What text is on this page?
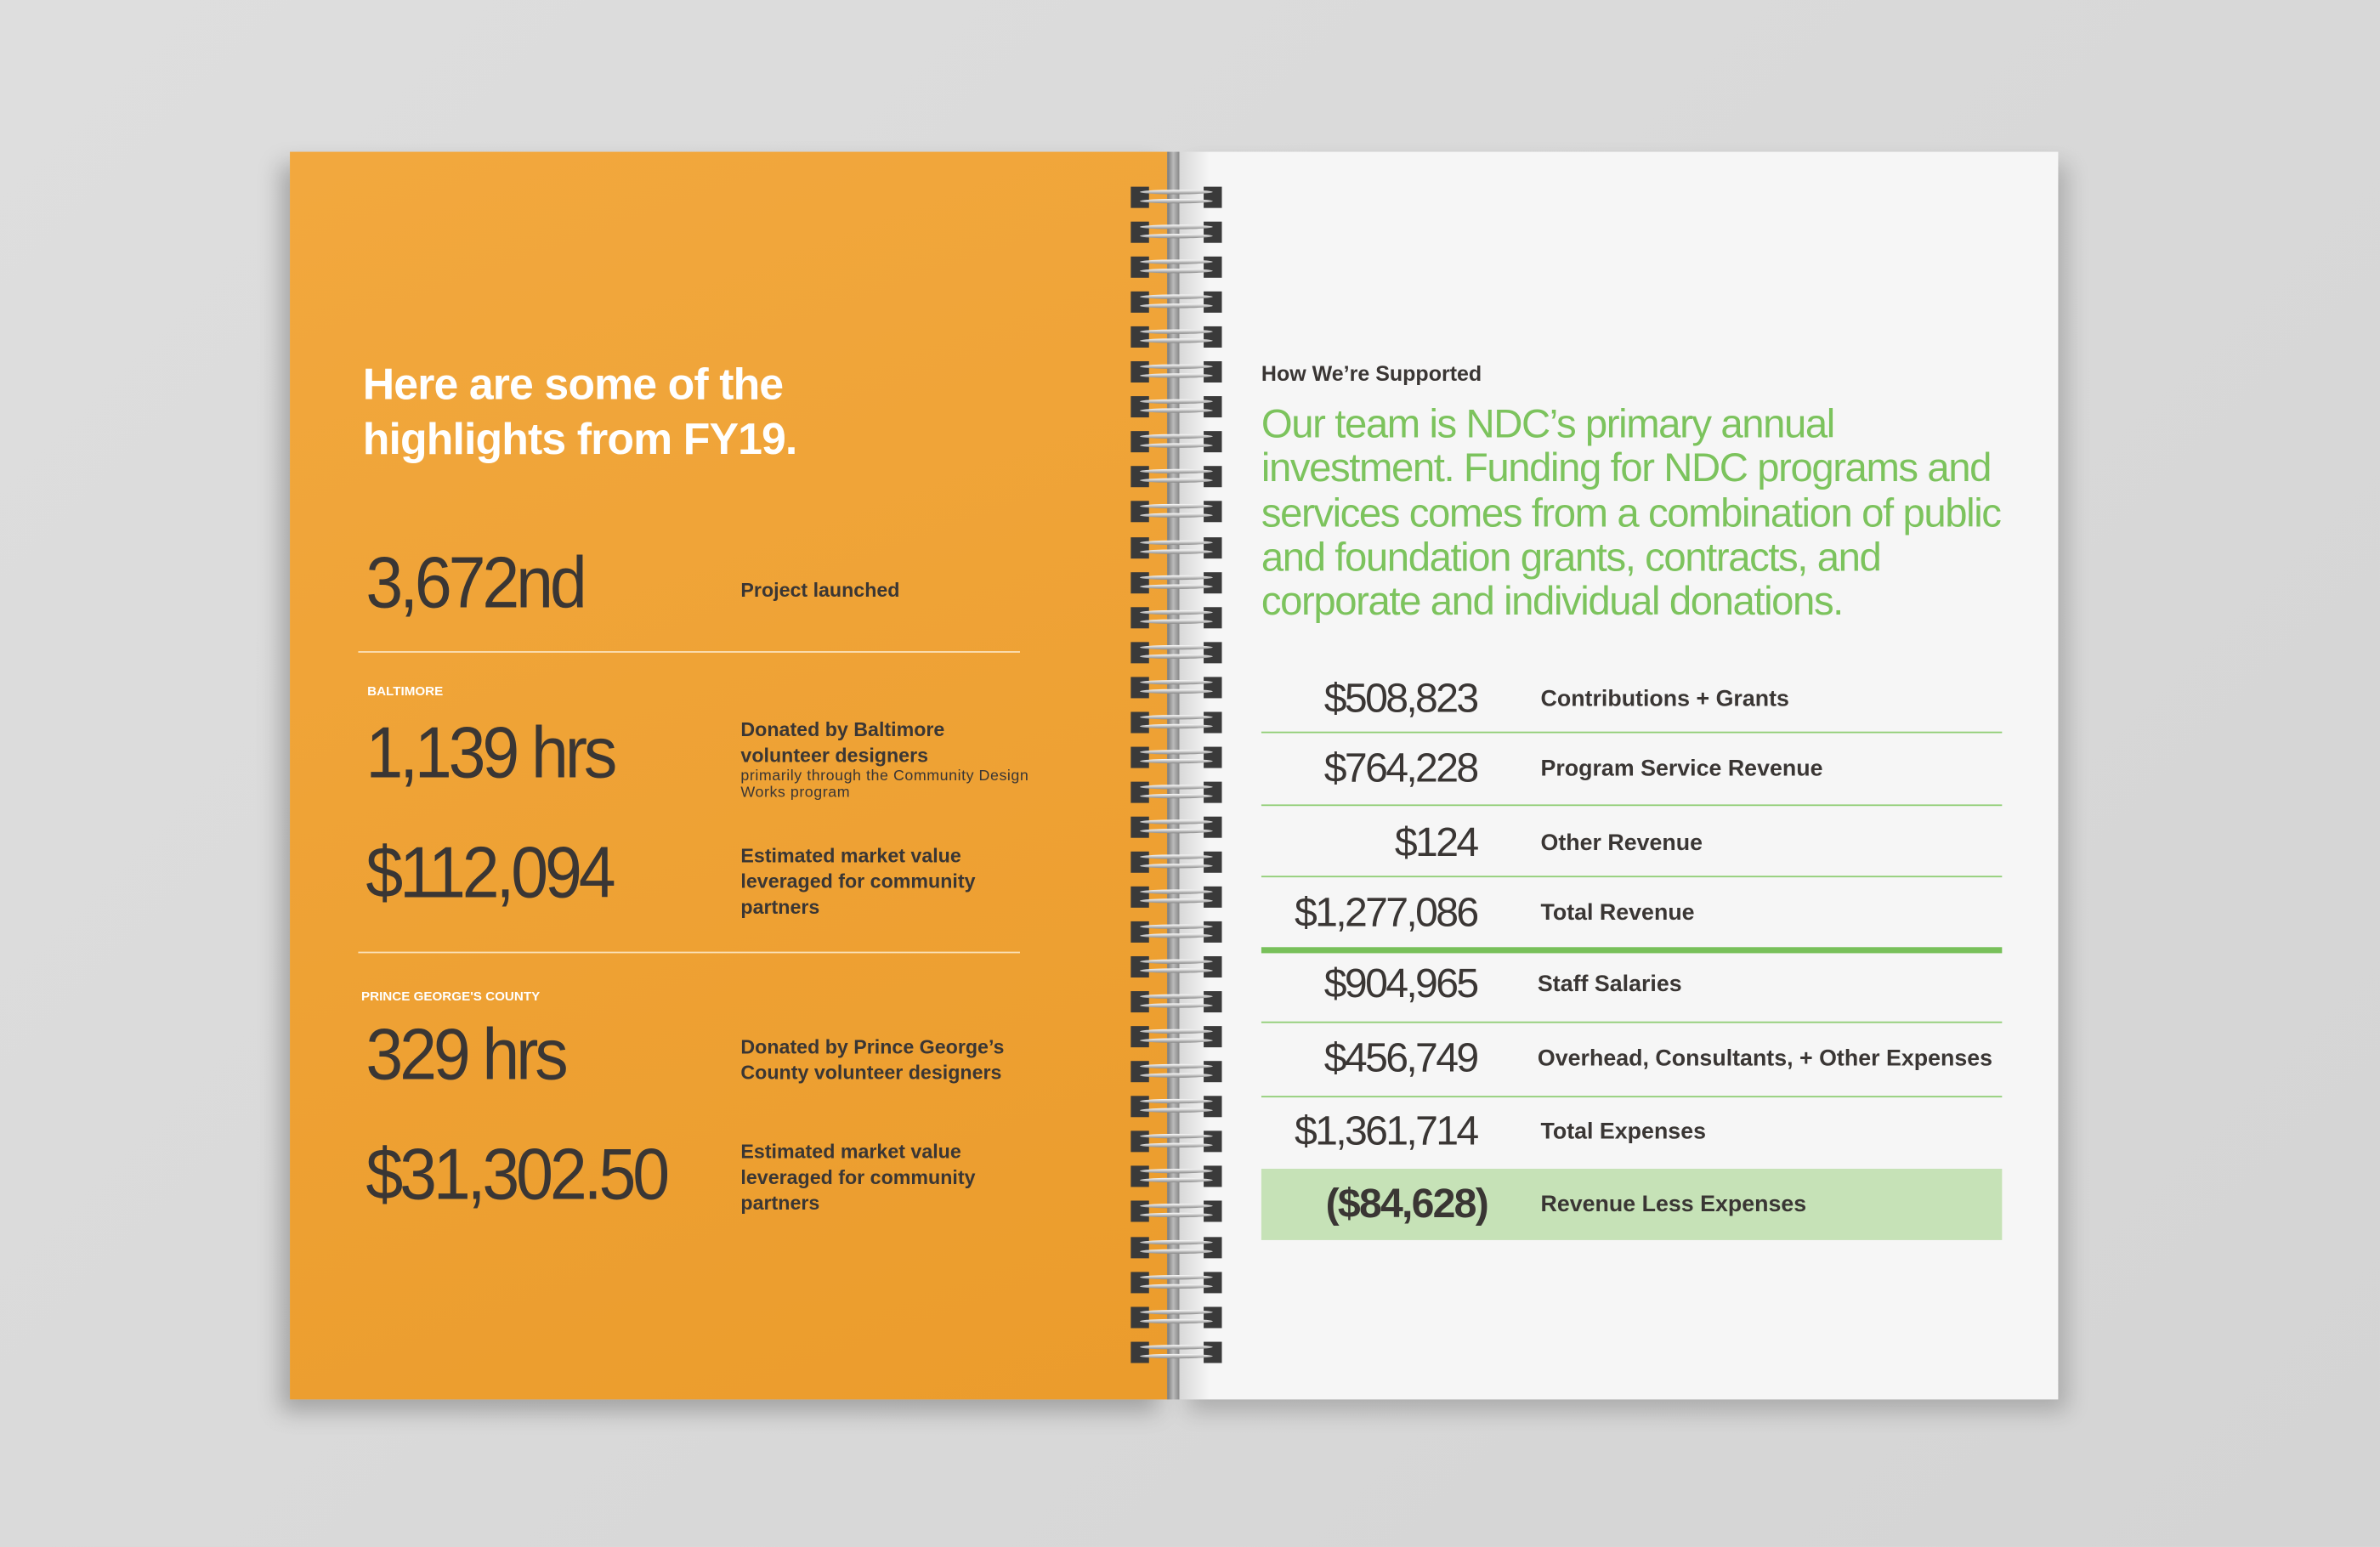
Here are some of the
highlights from FY19.
3,672nd	Project launched
BALTIMORE
1,139 hrs	Donated by Baltimore volunteer designers
primarily through the Community Design Works program
$112,094	Estimated market value leveraged for community partners
PRINCE GEORGE'S COUNTY
329 hrs	Donated by Prince George’s County volunteer designers
$31,302.50	Estimated market value leveraged for community partners
How We’re Supported
Our team is NDC’s primary annual investment. Funding for NDC programs and services comes from a combination of public and foundation grants, contracts, and corporate and individual donations.
$508,823	Contributions + Grants
$764,228	Program Service Revenue
$124	Other Revenue
$1,277,086	Total Revenue
$904,965	Staff Salaries
$456,749	Overhead, Consultants, + Other Expenses
$1,361,714	Total Expenses
($84,628)	Revenue Less Expenses
